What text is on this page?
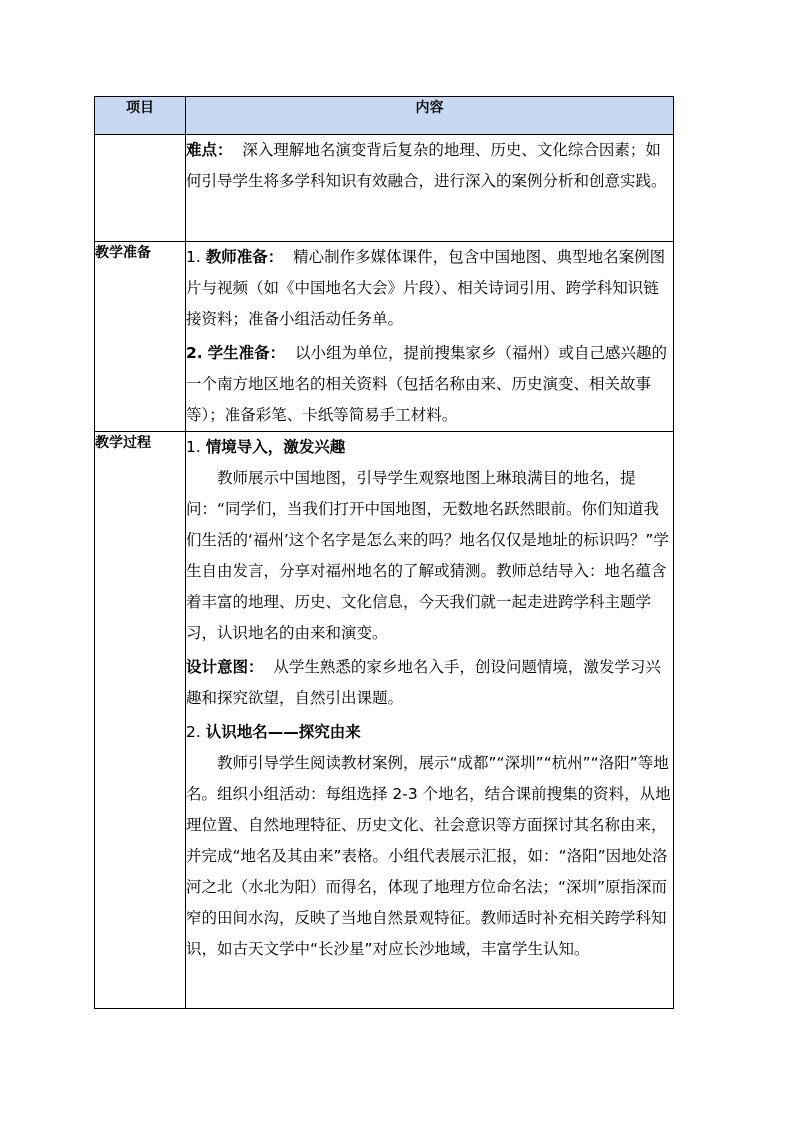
项目	内容

	难点： 深入理解地名演变背后复杂的地理、历史、文化综合因素；如何引导学生将多学科知识有效融合，进行深入的案例分析和创意实践。

教学准备	1. 教师准备： 精心制作多媒体课件，包含中国地图、典型地名案例图片与视频（如《中国地名大会》片段）、相关诗词引用、跨学科知识链接资料；准备小组活动任务单。

2. 学生准备： 以小组为单位，提前搜集家乡（福州）或自己感兴趣的一个南方地区地名的相关资料（包括名称由来、历史演变、相关故事等）；准备彩笔、卡纸等简易手工材料。

教学过程	1. 情境导入，激发兴趣

教师展示中国地图，引导学生观察地图上琳琅满目的地名，提问：“同学们，当我们打开中国地图，无数地名跃然眼前。你们知道我们生活的‘福州’这个名字是怎么来的吗？地名仅仅是地址的标识吗？”学生自由发言，分享对福州地名的了解或猜测。教师总结导入：地名蕴含着丰富的地理、历史、文化信息，今天我们就一起走进跨学科主题学习，认识地名的由来和演变。

设计意图： 从学生熟悉的家乡地名入手，创设问题情境，激发学习兴趣和探究欲望，自然引出课题。

2. 认识地名——探究由来

教师引导学生阅读教材案例，展示“成都”“深圳”“杭州”“洛阳”等地名。组织小组活动：每组选择 2-3 个地名，结合课前搜集的资料，从地理位置、自然地理特征、历史文化、社会意识等方面探讨其名称由来，并完成“地名及其由来”表格。小组代表展示汇报，如：“洛阳”因地处洛河之北（水北为阳）而得名，体现了地理方位命名法；“深圳”原指深而窄的田间水沟，反映了当地自然景观特征。教师适时补充相关跨学科知识，如古天文学中“长沙星”对应长沙地域，丰富学生认知。
